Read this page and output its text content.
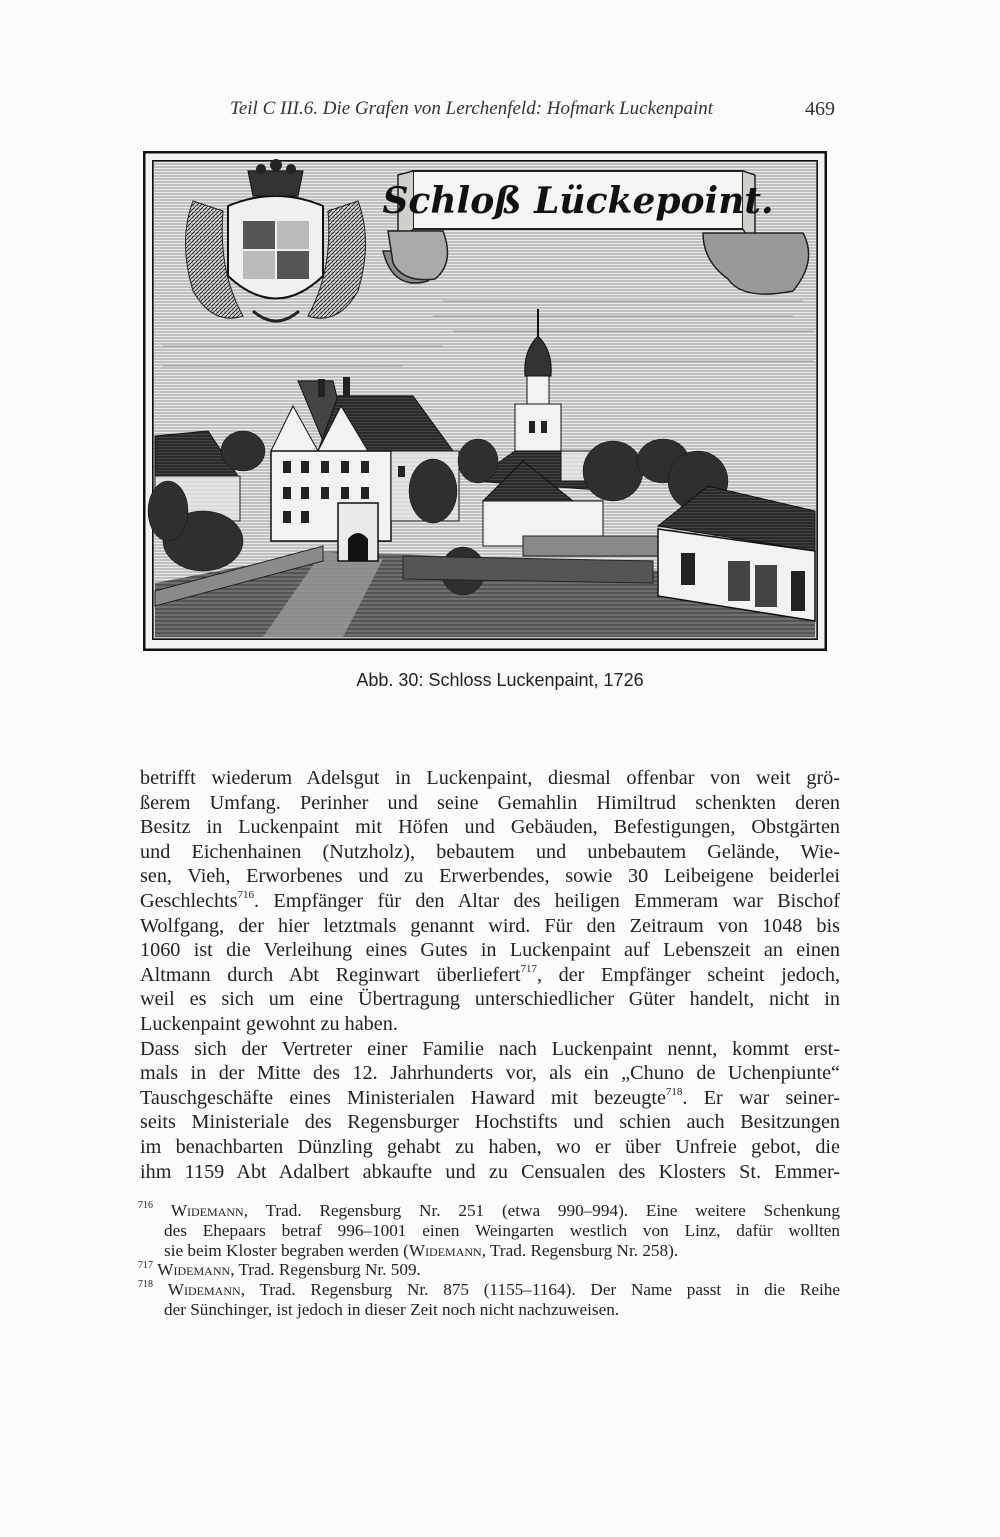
Teil C III.6. Die Grafen von Lerchenfeld: Hofmark Luckenpaint	469
Schloß Lückepoint.
Abb. 30: Schloss Luckenpaint, 1726
betrifft wiederum Adelsgut in Luckenpaint, diesmal offenbar von weit grö-
ßerem Umfang. Perinher und seine Gemahlin Himiltrud schenkten deren
Besitz in Luckenpaint mit Höfen und Gebäuden, Befestigungen, Obstgärten
und Eichenhainen (Nutzholz), bebautem und unbebautem Gelände, Wie-
sen, Vieh, Erworbenes und zu Erwerbendes, sowie 30 Leibeigene beiderlei
Geschlechts$^{716}$. Empfänger für den Altar des heiligen Emmeram war Bischof
Wolfgang, der hier letztmals genannt wird. Für den Zeitraum von 1048 bis
1060 ist die Verleihung eines Gutes in Luckenpaint auf Lebenszeit an einen
Altmann durch Abt Reginwart überliefert$^{717}$, der Empfänger scheint jedoch,
weil es sich um eine Übertragung unterschiedlicher Güter handelt, nicht in
Luckenpaint gewohnt zu haben.
Dass sich der Vertreter einer Familie nach Luckenpaint nennt, kommt erst-
mals in der Mitte des 12. Jahrhunderts vor, als ein „Chuno de Uchenpiunte“
Tauschgeschäfte eines Ministerialen Haward mit bezeugte$^{718}$. Er war seiner-
seits Ministeriale des Regensburger Hochstifts und schien auch Besitzungen
im benachbarten Dünzling gehabt zu haben, wo er über Unfreie gebot, die
ihm 1159 Abt Adalbert abkaufte und zu Censualen des Klosters St. Emmer-
$^{716}$ Widemann, Trad. Regensburg Nr. 251 (etwa 990–994). Eine weitere Schenkung
des Ehepaars betraf 996–1001 einen Weingarten westlich von Linz, dafür wollten
sie beim Kloster begraben werden (Widemann, Trad. Regensburg Nr. 258).
$^{717}$ Widemann, Trad. Regensburg Nr. 509.
$^{718}$ Widemann, Trad. Regensburg Nr. 875 (1155–1164). Der Name passt in die Reihe
der Sünchinger, ist jedoch in dieser Zeit noch nicht nachzuweisen.
